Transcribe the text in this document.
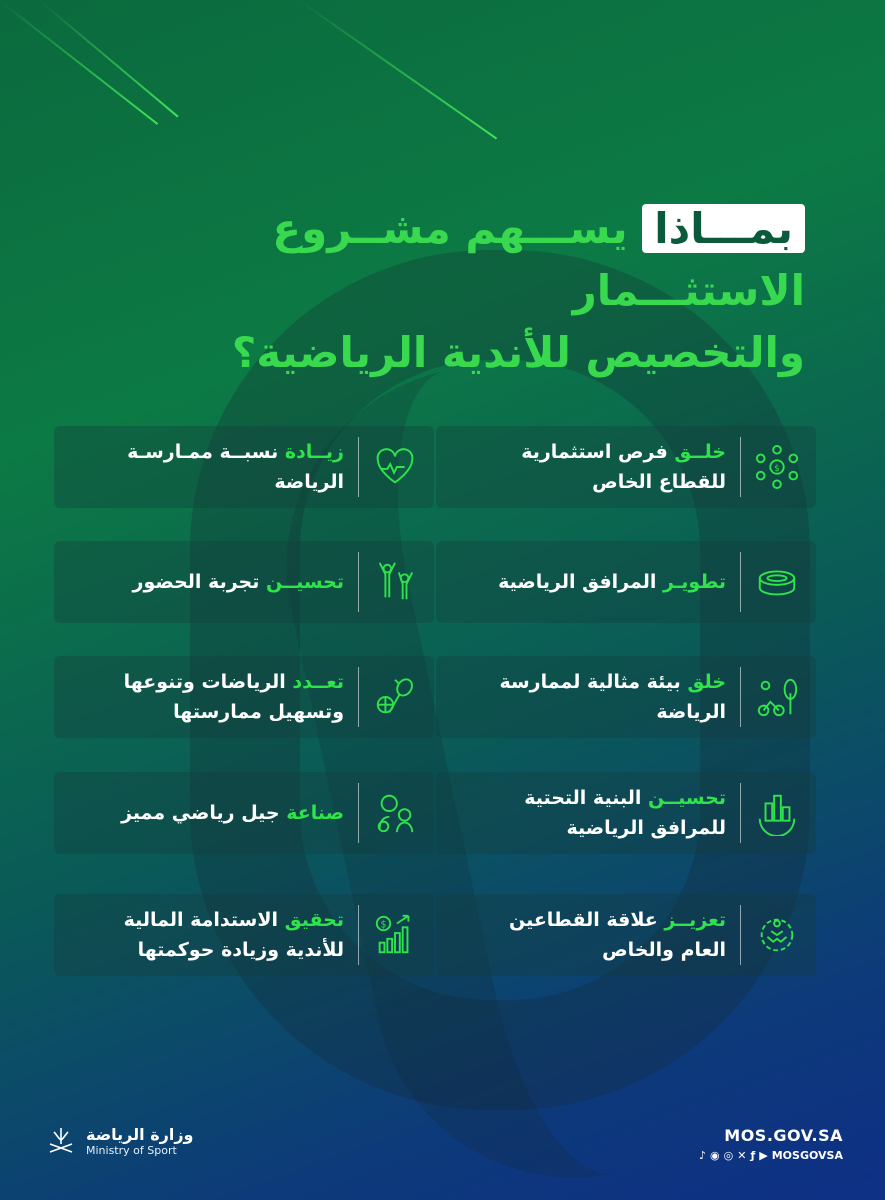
بمـــاذا يســـهم مشــروع الاستثـــمار
والتخصيص للأندية الرياضية؟
$
خلــق فرص استثمارية
للقطاع الخاص
تطويـر المرافق الرياضية
خلق بيئة مثالية لممارسة
الرياضة
تحسيــن البنية التحتية
للمرافق الرياضية
تعزيــز علاقة القطاعين
العام والخاص
زيــادة نسبــة ممـارسـة
الرياضة
تحسيــن تجربة الحضور
تعــدد الرياضات وتنوعها
وتسهيل ممارستها
صناعة جيل رياضي مميز
$
تحقيق الاستدامة المالية
للأندية وزيادة حوكمتها
وزارة الرياضة
Ministry of Sport
MOS.GOV.SA
♪ ◉ ◎ ✕ ƒ ▶ MOSGOVSA
